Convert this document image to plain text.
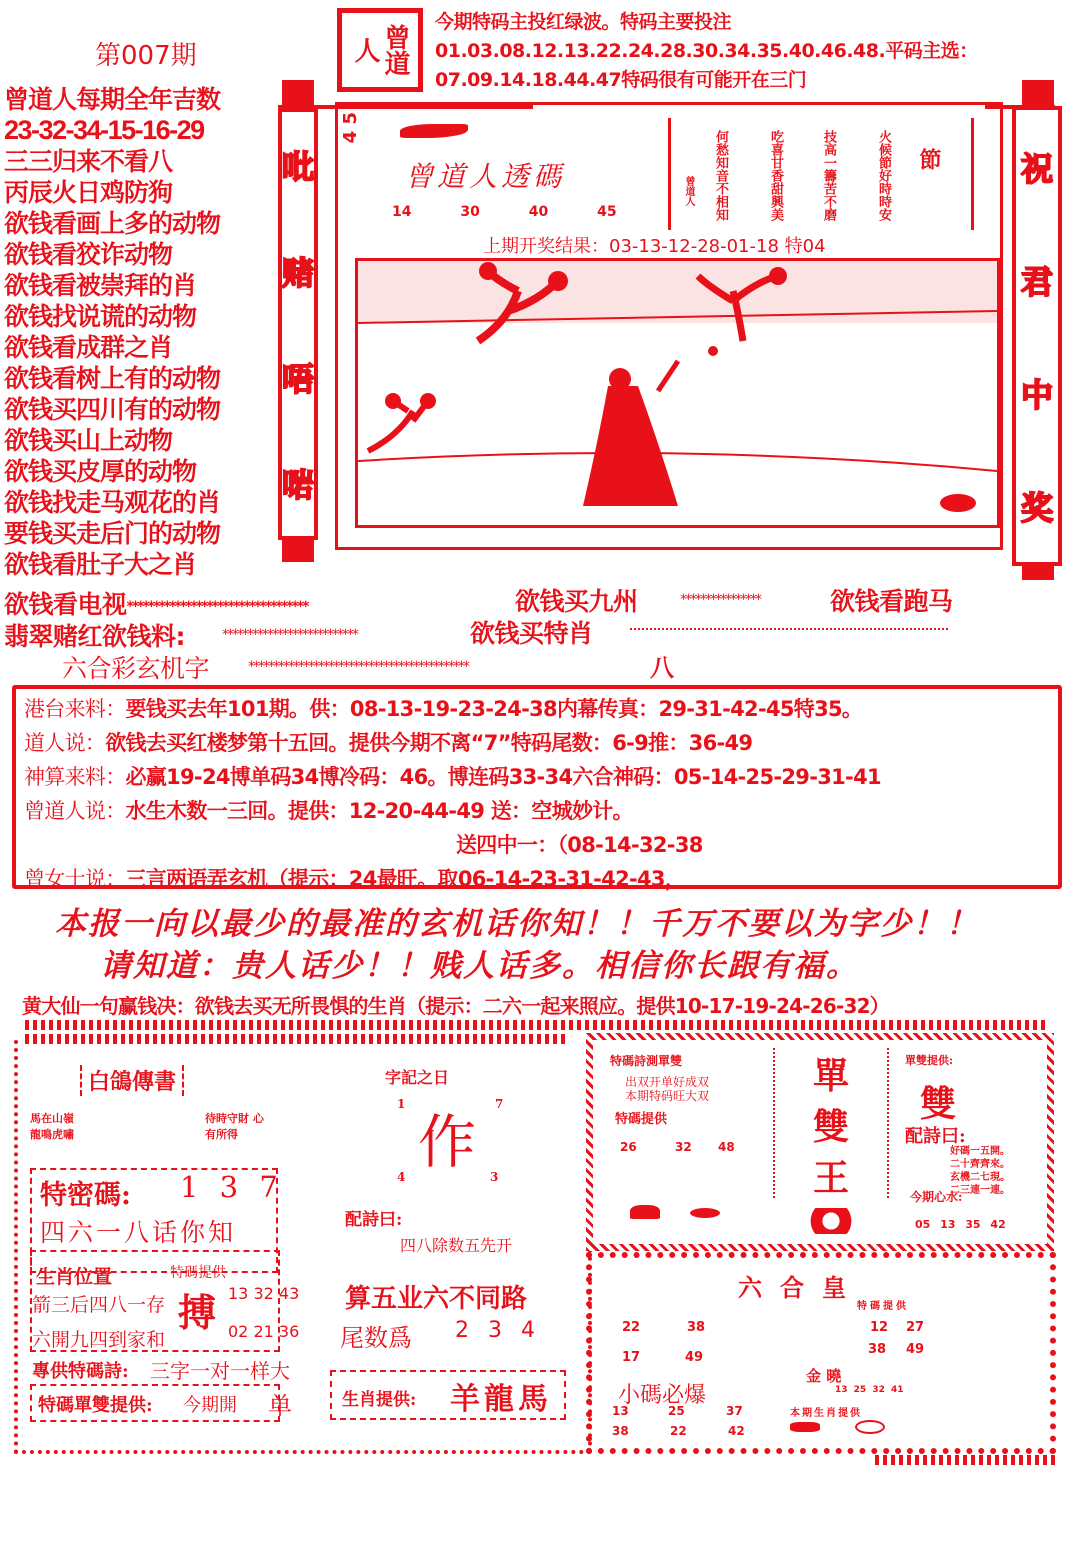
第007期
曾道人每期全年吉数
23-32-34-15-16-29
三三归来不看八
丙辰火日鸡防狗
欲钱看画上多的动物
欲钱看狡诈动物
欲钱看被崇拜的肖
欲钱找说谎的动物
欲钱看成群之肖
欲钱看树上有的动物
欲钱买四川有的动物
欲钱买山上动物
欲钱买皮厚的动物
欲钱找走马观花的肖
要钱买走后门的动物
欲钱看肚子大之肖
曾道人
今期特码主投红绿波。特码主要投注01.03.08.12.13.22.24.28.30.34.35.40.46.48.平码主选：07.09.14.18.44.47特码很有可能开在三门
吡
赌
唔
啱
祝
君
中
奖
4 5
曾道人透碼
14	30	40	45
上期开奖结果：03-13-12-28-01-18 特04
節
火候節好時時安
技高一籌苦不磨
吃喜甘香甜興美
何愁知音不相知
曾道人
欲钱看电视**********************************	欲钱买九州	****************	欲钱看跑马
翡翠赌红欲钱料:	***************************	欲钱买特肖
六合彩玄机字	********************************************	八
港台来料：要钱买去年101期。供：08-13-19-23-24-38内幕传真：29-31-42-45特35。
道人说：欲钱去买红楼梦第十五回。提供今期不离“7”特码尾数：6-9推：36-49
神算来料：必赢19-24博单码34博冷码：46。博连码33-34六合神码：05-14-25-29-31-41
曾道人说：水生木数一三回。提供：12-20-44-49 送：空城妙计。
送四中一：（08-14-32-38
曾女士说：三言两语弄玄机（提示：24最旺。取06-14-23-31-42-43，
本报一向以最少的最准的玄机话你知！！千万不要以为字少！！
请知道：贵人话少！！贱人话多。相信你长跟有福。
黄大仙一句赢钱决：欲钱去买无所畏惧的生肖（提示：二六一起来照应。提供10-17-19-24-26-32）
白鴿傳書
馬在山嶺 龍鳴虎嘯
待時守財 心有所得
特密碼: 1 3 7
四六一八话你知
生肖位置
箭三后四八一存
六開九四到家和
特碼提供
搏 13 32 43
02 21 36
專供特碼詩: 三字一对一样大
特碼單雙提供: 今期開 单
字記之日
1	7
4	3
作
配詩曰:
四八除数五先开
算五业六不同路
尾数爲 2 3 4
生肖提供: 羊龍馬
特碼詩測單雙
出双开单好成双
本期特码旺大双
特碼提供
26	32 48
單
雙
王
單雙提供:
雙
配詩曰:
好碼一五開。
二十齊齊來。
玄機二七現。
二三連一連。
今期心水:
05 13 35 42
六合皇
22	38
17	49
特碼提供
12 27
38 49
金 曉
小碼必爆	13 25 32 41
13	25	37
38	22	42
本期生肖提供
